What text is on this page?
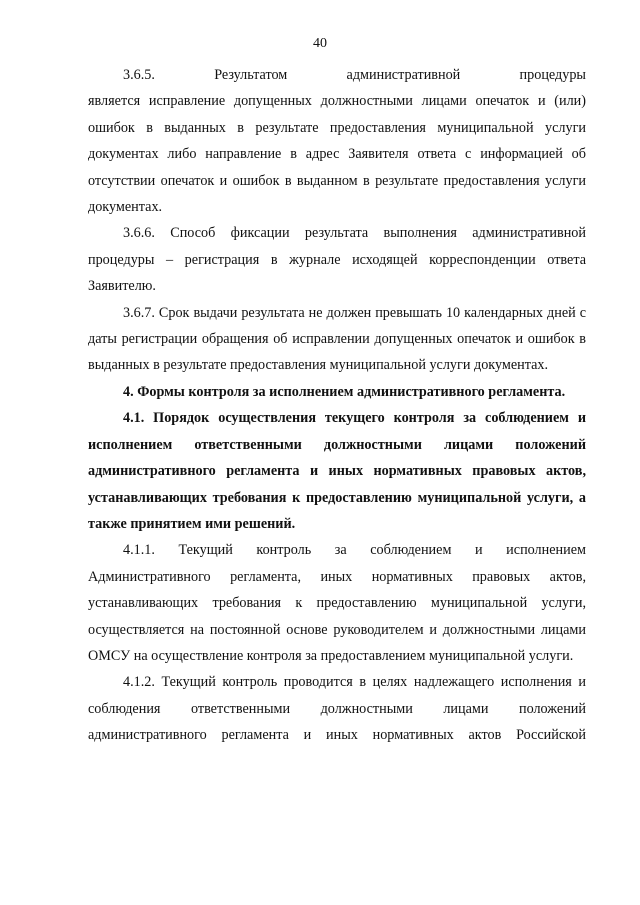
40
3.6.5.	Результатом	административной	процедуры
является исправление допущенных должностными лицами опечаток и (или) ошибок в выданных в результате предоставления муниципальной услуги документах либо направление в адрес Заявителя ответа с информацией об отсутствии опечаток и ошибок в выданном в результате предоставления услуги документах.

3.6.6. Способ фиксации результата выполнения административной процедуры – регистрация в журнале исходящей корреспонденции ответа Заявителю.

3.6.7. Срок выдачи результата не должен превышать 10 календарных дней с даты регистрации обращения об исправлении допущенных опечаток и ошибок в выданных в результате предоставления муниципальной услуги документах.

4. Формы контроля за исполнением административного регламента.

4.1. Порядок осуществления текущего контроля за соблюдением и исполнением ответственными должностными лицами положений административного регламента и иных нормативных правовых актов, устанавливающих требования к предоставлению муниципальной услуги, а также принятием ими решений.

4.1.1. Текущий контроль за соблюдением и исполнением Административного регламента, иных нормативных правовых актов, устанавливающих требования к предоставлению муниципальной услуги, осуществляется на постоянной основе руководителем и должностными лицами ОМСУ на осуществление контроля за предоставлением муниципальной услуги.

4.1.2. Текущий контроль проводится в целях надлежащего исполнения и соблюдения ответственными должностными лицами положений административного регламента и иных нормативных актов Российской
